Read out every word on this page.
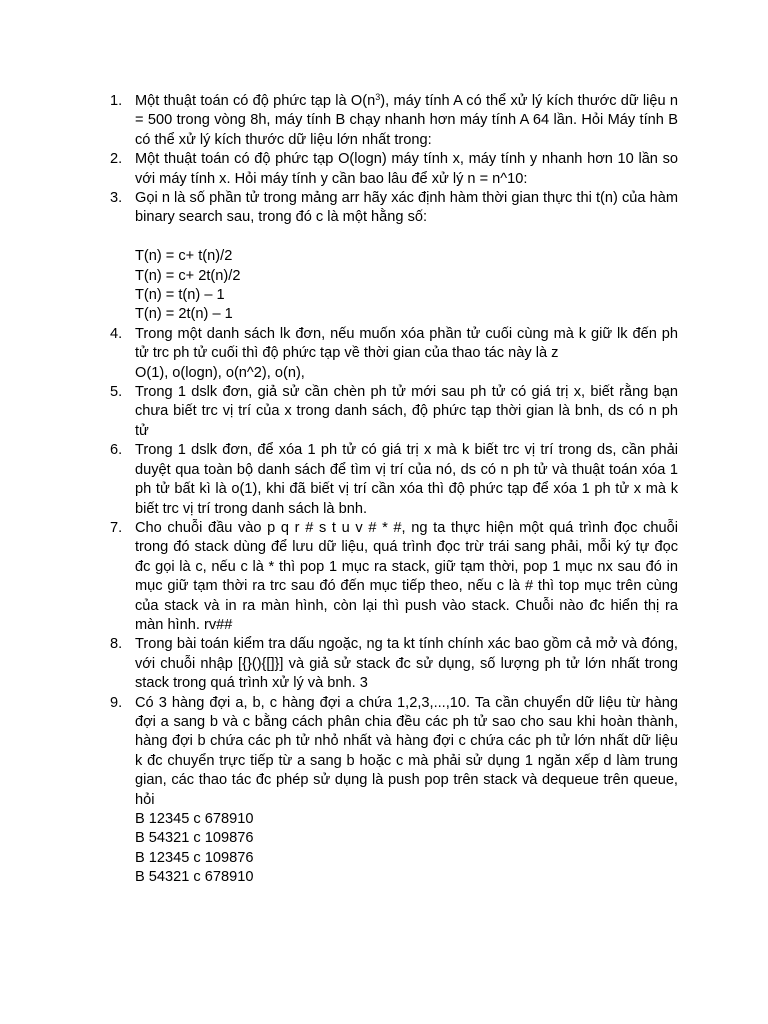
1. Một thuật toán có độ phức tạp là $O(n^3)$, máy tính A có thể xử lý kích thước dữ liệu n = 500 trong vòng 8h, máy tính B chạy nhanh hơn máy tính A 64 lần. Hỏi Máy tính B có thể xử lý kích thước dữ liệu lớn nhất trong:
2. Một thuật toán có độ phức tạp O(logn) máy tính x, máy tính y nhanh hơn 10 lần so với máy tính x. Hỏi máy tính y cần bao lâu để xử lý n = n^10:
3. Gọi n là số phần tử trong mảng arr hãy xác định hàm thời gian thực thi t(n) của hàm binary search sau, trong đó c là một hằng số:
T(n) = c+ t(n)/2
T(n) = c+ 2t(n)/2
T(n) = t(n) – 1
T(n) = 2t(n) – 1
4. Trong một danh sách lk đơn, nếu muốn xóa phần tử cuối cùng mà k giữ lk đến ph tử trc ph tử cuối thì độ phức tạp về thời gian của thao tác này là z
O(1), o(logn), o(n^2), o(n),
5. Trong 1 dslk đơn, giả sử cần chèn ph tử mới sau ph tử có giá trị x, biết rằng bạn chưa biết trc vị trí của x trong danh sách, độ phức tạp thời gian là bnh, ds có n ph tử
6. Trong 1 dslk đơn, để xóa 1 ph tử có giá trị x mà k biết trc vị trí trong ds, cần phải duyệt qua toàn bộ danh sách để tìm vị trí của nó, ds có n ph tử và thuật toán xóa 1 ph tử bất kì là o(1), khi đã biết vị trí cần xóa thì độ phức tạp để xóa 1 ph tử x mà k biết trc vị trí trong danh sách là bnh.
7. Cho chuỗi đầu vào p q r # s t u v # * #, ng ta thực hiện một quá trình đọc chuỗi trong đó stack dùng để lưu dữ liệu, quá trình đọc trừ trái sang phải, mỗi ký tự đọc đc gọi là c, nếu c là * thì pop 1 mục ra stack, giữ tạm thời, pop 1 mục nx sau đó in mục giữ tạm thời ra trc sau đó đến mục tiếp theo, nếu c là # thì top mục trên cùng của stack và in ra màn hình, còn lại thì push vào stack. Chuỗi nào đc hiển thị ra màn hình. rv##
8. Trong bài toán kiểm tra dấu ngoặc, ng ta kt tính chính xác bao gồm cả mở và đóng, với chuỗi nhập [{}(){[]}] và giả sử stack đc sử dụng, số lượng ph tử lớn nhất trong stack trong quá trình xử lý và bnh. 3
9. Có 3 hàng đợi a, b, c hàng đợi a chứa 1,2,3,...,10. Ta cần chuyển dữ liệu từ hàng đợi a sang b và c bằng cách phân chia đều các ph tử sao cho sau khi hoàn thành, hàng đợi b chứa các ph tử nhỏ nhất và hàng đợi c chứa các ph tử lớn nhất dữ liệu k đc chuyển trực tiếp từ a sang b hoặc c mà phải sử dụng 1 ngăn xếp d làm trung gian, các thao tác đc phép sử dụng là push pop trên stack và dequeue trên queue, hỏi
B 12345 c 678910
B 54321 c 109876
B 12345 c 109876
B 54321 c 678910
